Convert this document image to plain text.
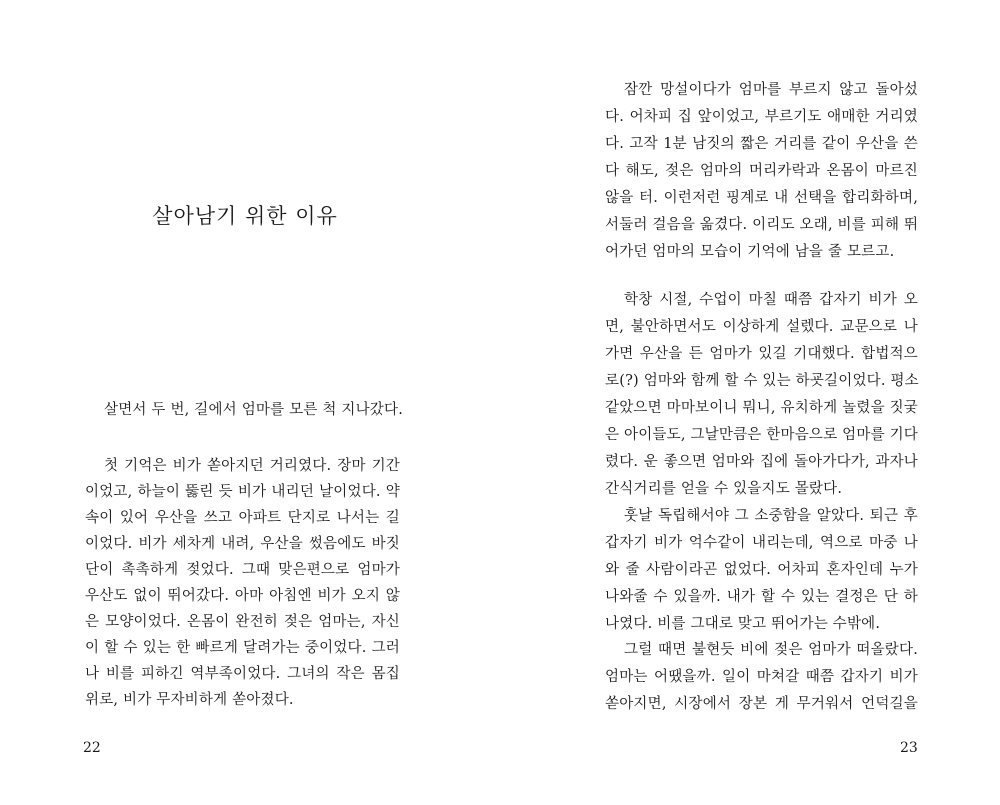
살아남기 위한 이유
살면서 두 번, 길에서 엄마를 모른 척 지나갔다.
첫 기억은 비가 쏟아지던 거리였다. 장마 기간
이었고, 하늘이 뚫린 듯 비가 내리던 날이었다. 약
속이 있어 우산을 쓰고 아파트 단지로 나서는 길
이었다. 비가 세차게 내려, 우산을 썼음에도 바짓
단이 촉촉하게 젖었다. 그때 맞은편으로 엄마가
우산도 없이 뛰어갔다. 아마 아침엔 비가 오지 않
은 모양이었다. 온몸이 완전히 젖은 엄마는, 자신
이 할 수 있는 한 빠르게 달려가는 중이었다. 그러
나 비를 피하긴 역부족이었다. 그녀의 작은 몸집
위로, 비가 무자비하게 쏟아졌다.
22
잠깐 망설이다가 엄마를 부르지 않고 돌아섰
다. 어차피 집 앞이었고, 부르기도 애매한 거리였
다. 고작 1분 남짓의 짧은 거리를 같이 우산을 쓴
다 해도, 젖은 엄마의 머리카락과 온몸이 마르진
않을 터. 이런저런 핑계로 내 선택을 합리화하며,
서둘러 걸음을 옮겼다. 이리도 오래, 비를 피해 뛰
어가던 엄마의 모습이 기억에 남을 줄 모르고.
학창 시절, 수업이 마칠 때쯤 갑자기 비가 오
면, 불안하면서도 이상하게 설렜다. 교문으로 나
가면 우산을 든 엄마가 있길 기대했다. 합법적으
로(?) 엄마와 함께 할 수 있는 하굣길이었다. 평소
같았으면 마마보이니 뭐니, 유치하게 놀렸을 짓궂
은 아이들도, 그날만큼은 한마음으로 엄마를 기다
렸다. 운 좋으면 엄마와 집에 돌아가다가, 과자나
간식거리를 얻을 수 있을지도 몰랐다.
훗날 독립해서야 그 소중함을 알았다. 퇴근 후
갑자기 비가 억수같이 내리는데, 역으로 마중 나
와 줄 사람이라곤 없었다. 어차피 혼자인데 누가
나와줄 수 있을까. 내가 할 수 있는 결정은 단 하
나였다. 비를 그대로 맞고 뛰어가는 수밖에.
그럴 때면 불현듯 비에 젖은 엄마가 떠올랐다.
엄마는 어땠을까. 일이 마쳐갈 때쯤 갑자기 비가
쏟아지면, 시장에서 장본 게 무거워서 언덕길을
23
